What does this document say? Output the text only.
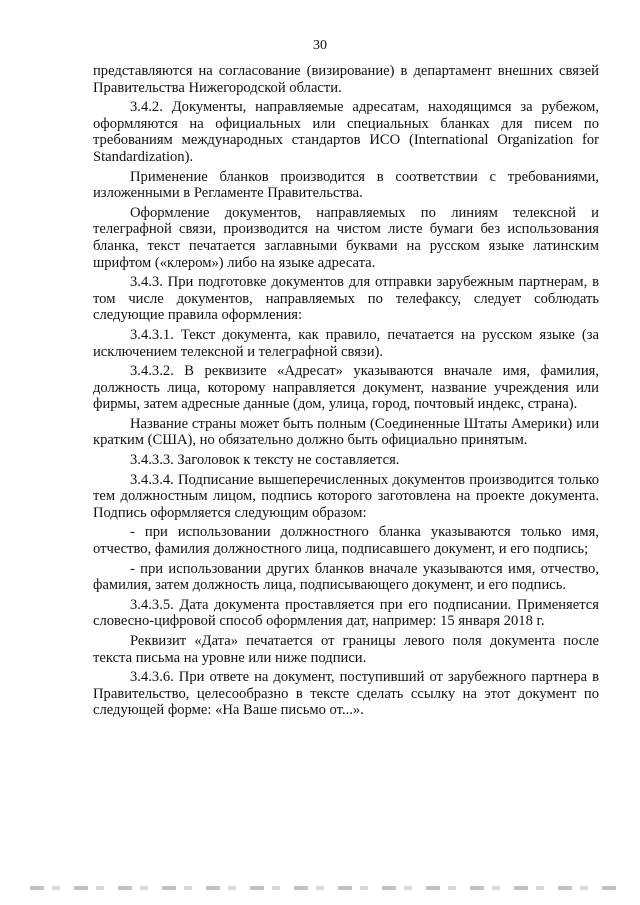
30

представляются на согласование (визирование) в департамент внешних связей Правительства Нижегородской области.

3.4.2. Документы, направляемые адресатам, находящимся за рубежом, оформляются на официальных или специальных бланках для писем по требованиям международных стандартов ИСО (International Organization for Standardization).

Применение бланков производится в соответствии с требованиями, изложенными в Регламенте Правительства.

Оформление документов, направляемых по линиям телексной и телеграфной связи, производится на чистом листе бумаги без использования бланка, текст печатается заглавными буквами на русском языке латинским шрифтом («клером») либо на языке адресата.

3.4.3. При подготовке документов для отправки зарубежным партнерам, в том числе документов, направляемых по телефаксу, следует соблюдать следующие правила оформления:

3.4.3.1. Текст документа, как правило, печатается на русском языке (за исключением телексной и телеграфной связи).

3.4.3.2. В реквизите «Адресат» указываются вначале имя, фамилия, должность лица, которому направляется документ, название учреждения или фирмы, затем адресные данные (дом, улица, город, почтовый индекс, страна).

Название страны может быть полным (Соединенные Штаты Америки) или кратким (США), но обязательно должно быть официально принятым.

3.4.3.3. Заголовок к тексту не составляется.

3.4.3.4. Подписание вышеперечисленных документов производится только тем должностным лицом, подпись которого заготовлена на проекте документа. Подпись оформляется следующим образом:

- при использовании должностного бланка указываются только имя, отчество, фамилия должностного лица, подписавшего документ, и его подпись;

- при использовании других бланков вначале указываются имя, отчество, фамилия, затем должность лица, подписывающего документ, и его подпись.

3.4.3.5. Дата документа проставляется при его подписании. Применяется словесно-цифровой способ оформления дат, например: 15 января 2018 г.

Реквизит «Дата» печатается от границы левого поля документа после текста письма на уровне или ниже подписи.

3.4.3.6. При ответе на документ, поступивший от зарубежного партнера в Правительство, целесообразно в тексте сделать ссылку на этот документ по следующей форме: «На Ваше письмо от...».
